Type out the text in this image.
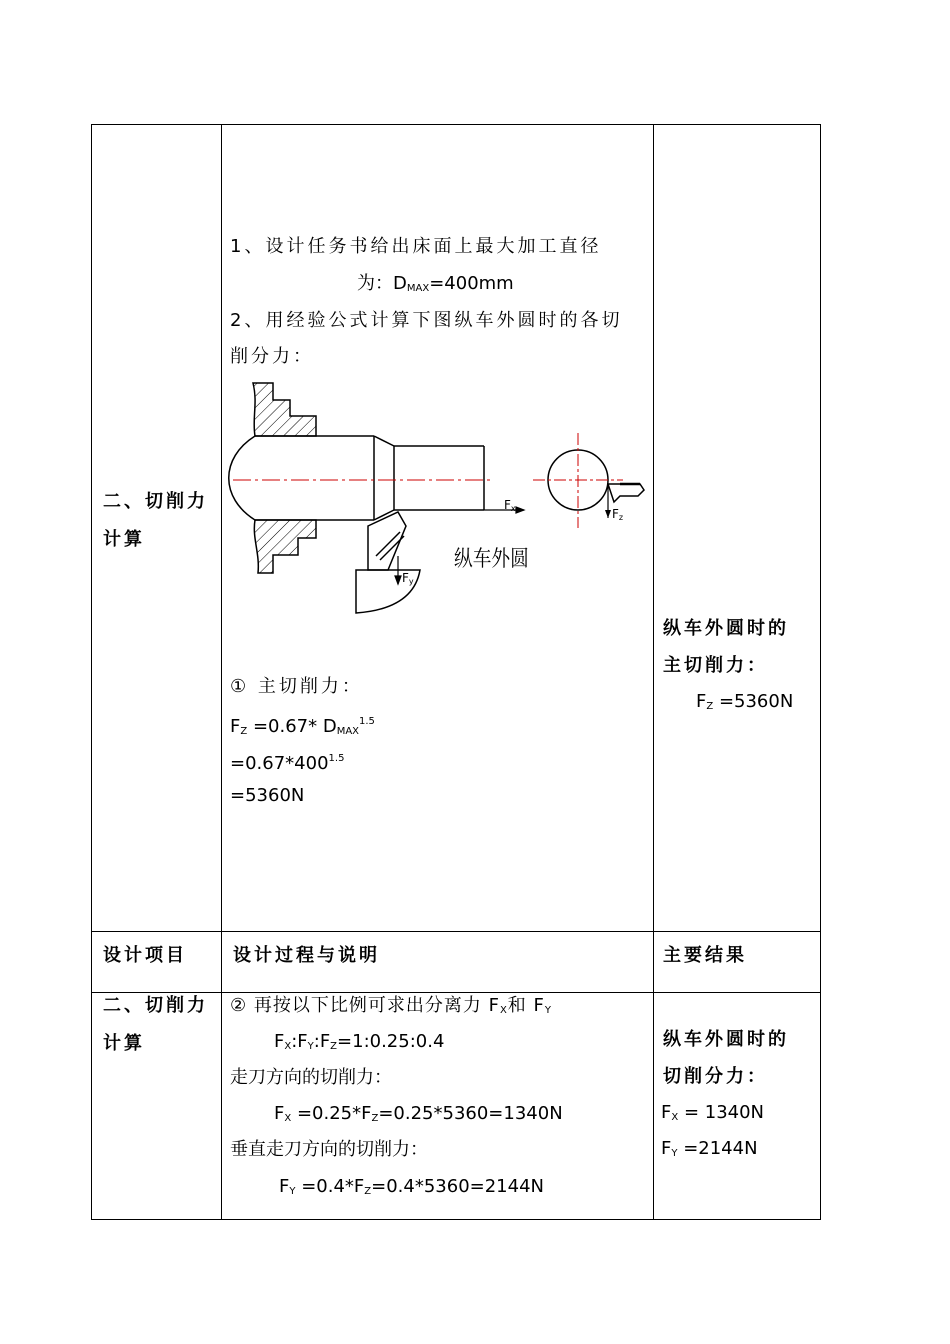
二、切削力
计算
1、设计任务书给出床面上最大加工直径
为：$D_{MAX}=400mm$
2、用经验公式计算下图纵车外圆时的各切
削分力：
Fx
Fy
纵车外圆
Fz
① 主切削力：
$F_Z =0.67*$ $D_{MAX}^{1.5}$
$=0.67*400^{1.5}$
=5360N
纵车外圆时的
主切削力：
$F_Z =5360N$
设计项目	设计过程与说明	主要结果
二、切削力
计算
② 再按以下比例可求出分离力 $F_X$和 $F_Y$
$F_X:F_Y:F_Z=1:0.25:0.4$
走刀方向的切削力：
$F_X =0.25*F_Z=0.25*5360=1340N$
垂直走刀方向的切削力：
$F_Y =0.4*F_Z=0.4*5360=2144N$
纵车外圆时的
切削分力：
$F_X = 1340N$
$F_Y =2144N$
